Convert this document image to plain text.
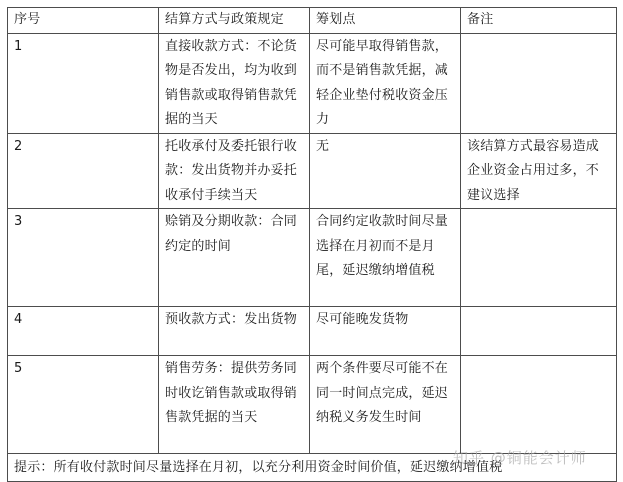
序号	结算方式与政策规定	筹划点	备注
1	直接收款方式：不论货物是否发出，均为收到销售款或取得销售款凭据的当天	尽可能早取得销售款，而不是销售款凭据，减轻企业垫付税收资金压力	
2	托收承付及委托银行收款：发出货物并办妥托收承付手续当天	无	该结算方式最容易造成企业资金占用过多，不建议选择
3	赊销及分期收款：合同约定的时间	合同约定收款时间尽量选择在月初而不是月尾，延迟缴纳增值税	
4	预收款方式：发出货物	尽可能晚发货物	
5	销售劳务：提供劳务同时收讫销售款或取得销售款凭据的当天	两个条件要尽可能不在同一时间点完成，延迟纳税义务发生时间	
提示：所有收付款时间尽量选择在月初，以充分利用资金时间价值，延迟缴纳增值税			
知乎 @铜能会计师
